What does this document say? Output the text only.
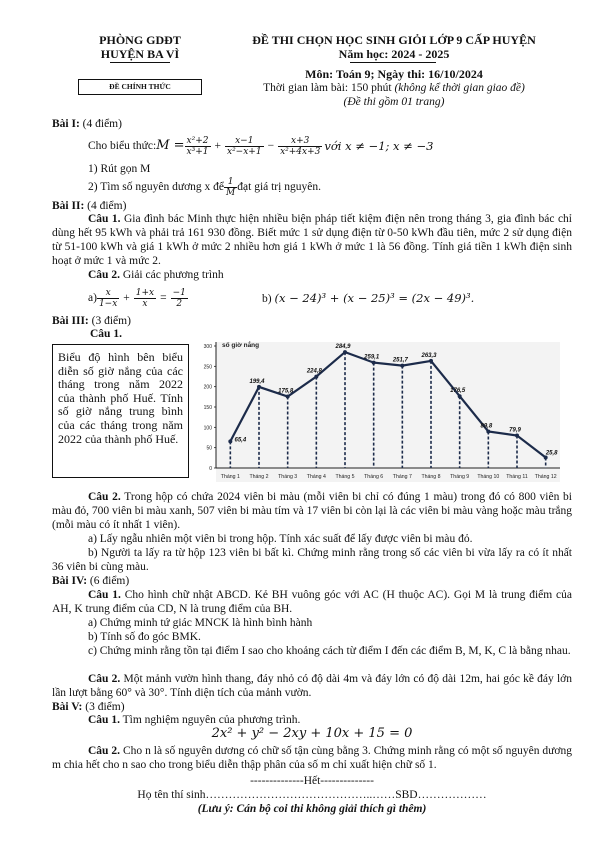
PHÒNG GDĐT
HUYỆN BA VÌ
ĐỀ CHÍNH THỨC
ĐỀ THI CHỌN HỌC SINH GIỎI LỚP 9 CẤP HUYỆN
Năm học: 2024 - 2025
Môn: Toán 9; Ngày thi: 16/10/2024
Thời gian làm bài: 150 phút (không kể thời gian giao đề)
(Đề thi gồm 01 trang)
Bài I: (4 điểm)
Cho biểu thức: $M = \frac{\text{x²+2}}{\text{x³+1}} + \frac{x-1}{\text{x²−x+1}} - \frac{x+3}{\text{x²+4x+3}}$ với x ≠ −1; x ≠ −3
1) Rút gọn M
2) Tìm số nguyên dương x để $\frac{1}{M}$ đạt giá trị nguyên.
Bài II: (4 điểm)
Câu 1. Gia đình bác Minh thực hiện nhiều biện pháp tiết kiệm điện nên trong tháng 3, gia đình bác chỉ dùng hết 95 kWh và phải trả 161 930 đồng. Biết mức 1 sử dụng điện từ 0-50 kWh đầu tiên, mức 2 sử dụng điện từ 51-100 kWh và giá 1 kWh ở mức 2 nhiều hơn giá 1 kWh ở mức 1 là 56 đồng. Tính giá tiền 1 kWh điện sinh hoạt ở mức 1 và mức 2.
Câu 2. Giải các phương trình
$a) \frac{x}{1-x} + \frac{1+x}{x} = \frac{-1}{2}$	b) (x − 24)³ + (x − 25)³ = (2x − 49)³.
Bài III: (3 điểm)
Câu 1.
Biểu độ hình bên biểu diễn số giờ nắng của các tháng trong năm 2022 của thành phố Huế. Tính số giờ nắng trung bình của các tháng trong năm 2022 của thành phố Huế.
300
250
200
150
100
50
0
số giờ nắng
65,4
199,4
175,8
224,8
284,9
259,1
251,7
263,3
176,5
89,8
79,9
25,8
Tháng 1 Tháng 2 Tháng 3 Tháng 4 Tháng 5 Tháng 6 Tháng 7 Tháng 8 Tháng 9 Tháng 10 Tháng 11 Tháng 12
Câu 2. Trong hộp có chứa 2024 viên bi màu (mỗi viên bi chỉ có đúng 1 màu) trong đó có 800 viên bi màu đỏ, 700 viên bi màu xanh, 507 viên bi màu tím và 17 viên bi còn lại là các viên bi màu vàng hoặc màu trắng (mỗi màu có ít nhất 1 viên).
a) Lấy ngẫu nhiên một viên bi trong hộp. Tính xác suất để lấy được viên bi màu đỏ.
b) Người ta lấy ra từ hộp 123 viên bi bất kì. Chứng minh rằng trong số các viên bi vừa lấy ra có ít nhất 36 viên bi cùng màu.
Bài IV: (6 điểm)
Câu 1. Cho hình chữ nhật ABCD. Kẻ BH vuông góc với AC (H thuộc AC). Gọi M là trung điểm của AH, K trung điểm của CD, N là trung điểm của BH.
a) Chứng minh tứ giác MNCK là hình bình hành
b) Tính số đo góc BMK.
c) Chứng minh rằng tồn tại điểm I sao cho khoảng cách từ điểm I đến các điểm B, M, K, C là bằng nhau.
Câu 2. Một mảnh vườn hình thang, đáy nhỏ có độ dài 4m và đáy lớn có độ dài 12m, hai góc kề đáy lớn lần lượt bằng 60° và 30°. Tính diện tích của mảnh vườn.
Bài V: (3 điểm)
Câu 1. Tìm nghiệm nguyên của phương trình.
2x² + y² − 2xy + 10x + 15 = 0
Câu 2. Cho n là số nguyên dương có chữ số tận cùng bằng 3. Chứng minh rằng có một số nguyên dương m chia hết cho n sao cho trong biểu diễn thập phân của số m chỉ xuất hiện chữ số 1.
--------------Hết--------------
Họ tên thí sinh……………………………………..……SBD………………
(Lưu ý: Cán bộ coi thi không giải thích gì thêm)
